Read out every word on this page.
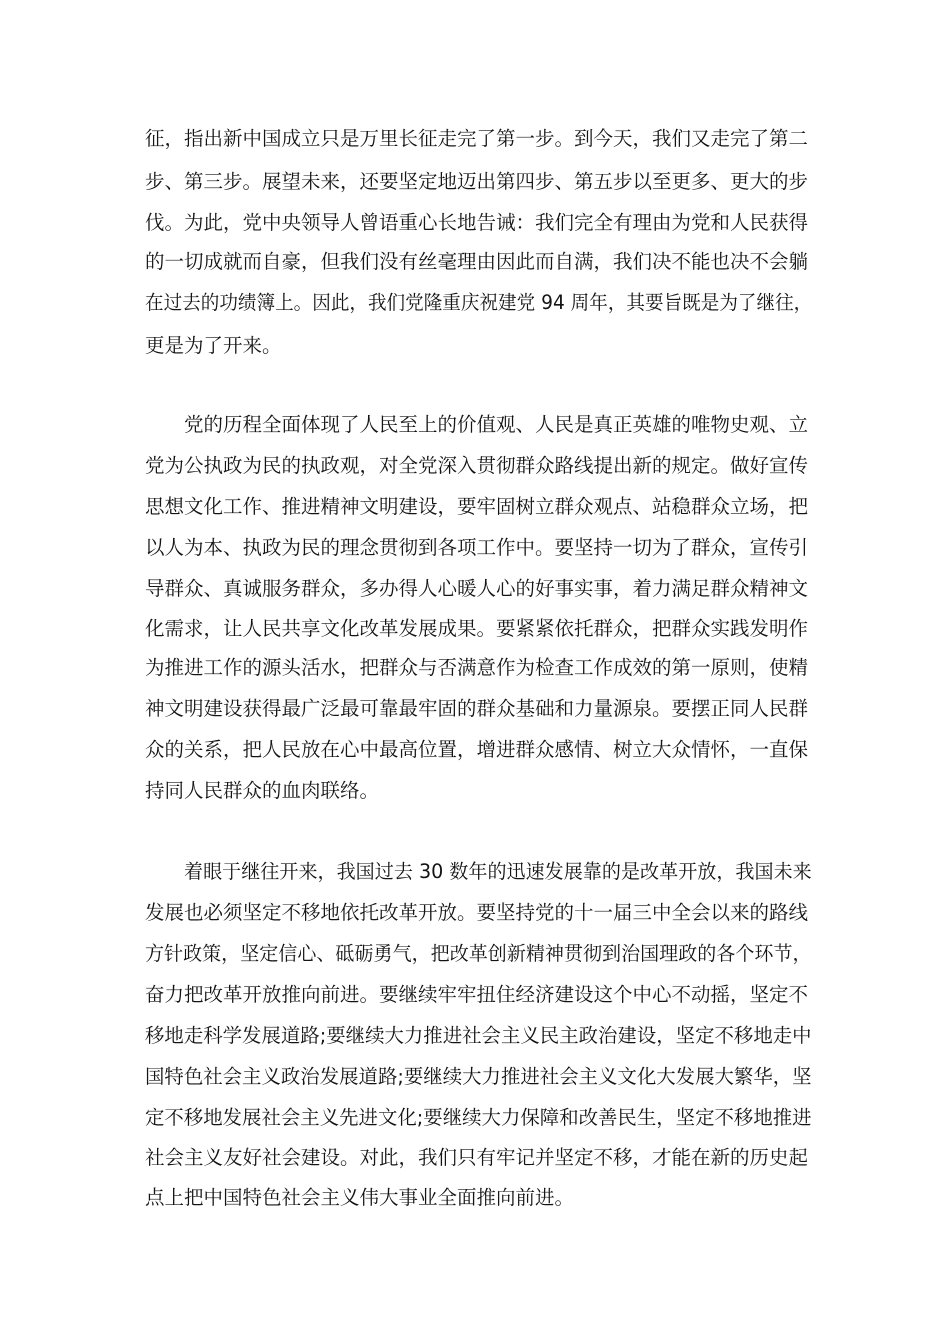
征，指出新中国成立只是万里长征走完了第一步。到今天，我们又走完了第二
步、第三步。展望未来，还要坚定地迈出第四步、第五步以至更多、更大的步
伐。为此，党中央领导人曾语重心长地告诫：我们完全有理由为党和人民获得
的一切成就而自豪，但我们没有丝毫理由因此而自满，我们决不能也决不会躺
在过去的功绩簿上。因此，我们党隆重庆祝建党 94 周年，其要旨既是为了继往，
更是为了开来。
党的历程全面体现了人民至上的价值观、人民是真正英雄的唯物史观、立
党为公执政为民的执政观，对全党深入贯彻群众路线提出新的规定。做好宣传
思想文化工作、推进精神文明建设，要牢固树立群众观点、站稳群众立场，把
以人为本、执政为民的理念贯彻到各项工作中。要坚持一切为了群众，宣传引
导群众、真诚服务群众，多办得人心暖人心的好事实事，着力满足群众精神文
化需求，让人民共享文化改革发展成果。要紧紧依托群众，把群众实践发明作
为推进工作的源头活水，把群众与否满意作为检查工作成效的第一原则，使精
神文明建设获得最广泛最可靠最牢固的群众基础和力量源泉。要摆正同人民群
众的关系，把人民放在心中最高位置，增进群众感情、树立大众情怀，一直保
持同人民群众的血肉联络。
着眼于继往开来，我国过去 30 数年的迅速发展靠的是改革开放，我国未来
发展也必须坚定不移地依托改革开放。要坚持党的十一届三中全会以来的路线
方针政策，坚定信心、砥砺勇气，把改革创新精神贯彻到治国理政的各个环节，
奋力把改革开放推向前进。要继续牢牢扭住经济建设这个中心不动摇，坚定不
移地走科学发展道路;要继续大力推进社会主义民主政治建设，坚定不移地走中
国特色社会主义政治发展道路;要继续大力推进社会主义文化大发展大繁华，坚
定不移地发展社会主义先进文化;要继续大力保障和改善民生，坚定不移地推进
社会主义友好社会建设。对此，我们只有牢记并坚定不移，才能在新的历史起
点上把中国特色社会主义伟大事业全面推向前进。
